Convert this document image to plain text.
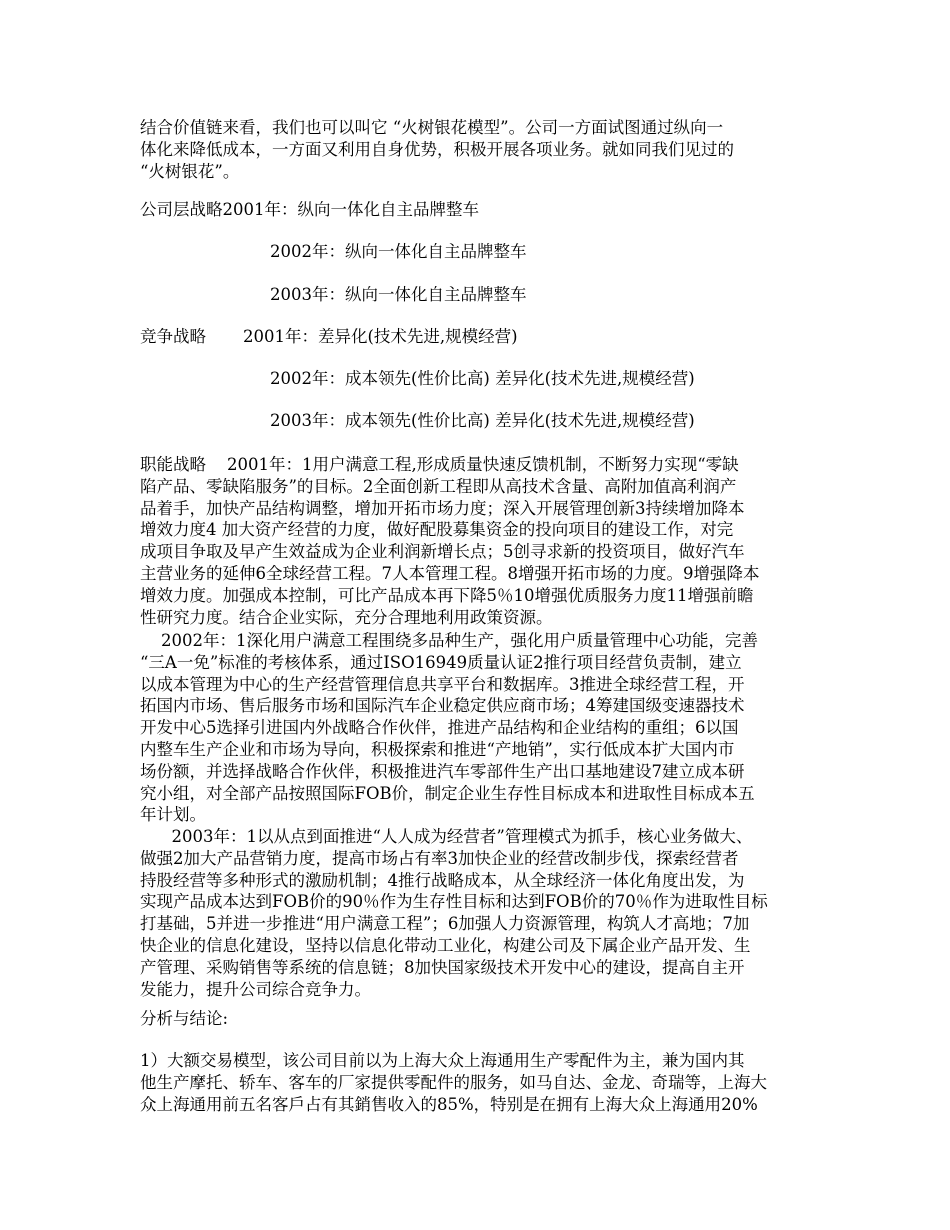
结合价值链来看，我们也可以叫它 “火树银花模型”。公司一方面试图通过纵向一
体化来降低成本，一方面又利用自身优势，积极开展各项业务。就如同我们见过的
“火树银花”。
公司层战略2001年：纵向一体化自主品牌整车
2002年：纵向一体化自主品牌整车
2003年：纵向一体化自主品牌整车
竞争战略 2001年：差异化(技术先进,规模经营)
2002年：成本领先(性价比高) 差异化(技术先进,规模经营)
2003年：成本领先(性价比高) 差异化(技术先进,规模经营)
职能战略    2001年：1用户满意工程,形成质量快速反馈机制，不断努力实现“零缺
陷产品、零缺陷服务”的目标。2全面创新工程即从高技术含量、高附加值高利润产
品着手，加快产品结构调整，增加开拓市场力度；深入开展管理创新3持续增加降本
增效力度4 加大资产经营的力度，做好配股募集资金的投向项目的建设工作，对完
成项目争取及早产生效益成为企业利润新增长点；5创寻求新的投资项目，做好汽车
主营业务的延伸6全球经营工程。7人本管理工程。8增强开拓市场的力度。9增强降本
增效力度。加强成本控制，可比产品成本再下降5％10增强优质服务力度11增强前瞻
性研究力度。结合企业实际，充分合理地利用政策资源。
2002年：1深化用户满意工程围绕多品种生产，强化用户质量管理中心功能，完善
“三A一免”标准的考核体系，通过ISO16949质量认证2推行项目经营负责制，建立
以成本管理为中心的生产经营管理信息共享平台和数据库。3推进全球经营工程，开
拓国内市场、售后服务市场和国际汽车企业稳定供应商市场；4筹建国级变速器技术
开发中心5选择引进国内外战略合作伙伴，推进产品结构和企业结构的重组；6以国
内整车生产企业和市场为导向，积极探索和推进“产地销”，实行低成本扩大国内市
场份额，并选择战略合作伙伴，积极推进汽车零部件生产出口基地建设7建立成本研
究小组，对全部产品按照国际FOB价，制定企业生存性目标成本和进取性目标成本五
年计划。
2003年：1以从点到面推进“人人成为经营者”管理模式为抓手，核心业务做大、
做强2加大产品营销力度，提高市场占有率3加快企业的经营改制步伐，探索经营者
持股经营等多种形式的激励机制；4推行战略成本，从全球经济一体化角度出发，为
实现产品成本达到FOB价的90％作为生存性目标和达到FOB价的70％作为进取性目标
打基础，5并进一步推进“用户满意工程”；6加强人力资源管理，构筑人才高地；7加
快企业的信息化建设，坚持以信息化带动工业化，构建公司及下属企业产品开发、生
产管理、采购销售等系统的信息链；8加快国家级技术开发中心的建设，提高自主开
发能力，提升公司综合竞争力。
分析与结论:
1）大额交易模型，该公司目前以为上海大众上海通用生产零配件为主，兼为国内其
他生产摩托、轿车、客车的厂家提供零配件的服务，如马自达、金龙、奇瑞等，上海大
众上海通用前五名客戶占有其銷售收入的85%，特别是在拥有上海大众上海通用20%
